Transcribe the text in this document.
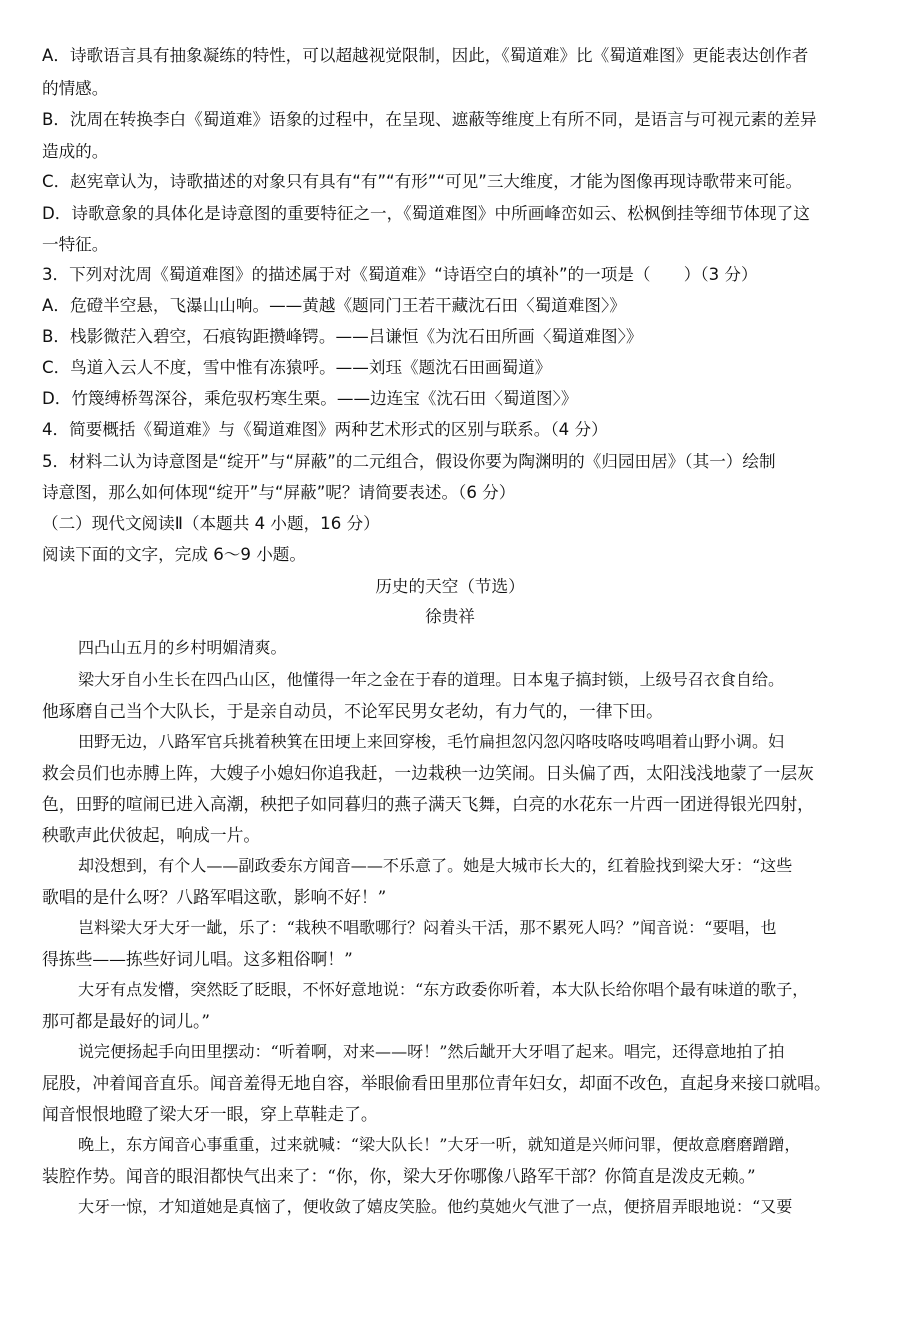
A．诗歌语言具有抽象凝练的特性，可以超越视觉限制，因此，《蜀道难》比《蜀道难图》更能表达创作者
的情感。
B．沈周在转换李白《蜀道难》语象的过程中，在呈现、遮蔽等维度上有所不同，是语言与可视元素的差异
造成的。
C．赵宪章认为，诗歌描述的对象只有具有“有”“有形”“可见”三大维度，才能为图像再现诗歌带来可能。
D．诗歌意象的具体化是诗意图的重要特征之一，《蜀道难图》中所画峰峦如云、松枫倒挂等细节体现了这
一特征。
3．下列对沈周《蜀道难图》的描述属于对《蜀道难》“诗语空白的填补”的一项是（　　）（3 分）
A．危磴半空悬，飞瀑山山响。——黄越《题同门王若干藏沈石田〈蜀道难图〉》
B．栈影微茫入碧空，石痕钩距攒峰锷。——吕谦恒《为沈石田所画〈蜀道难图〉》
C．鸟道入云人不度，雪中惟有冻猿呼。——刘珏《题沈石田画蜀道》
D．竹篾缚桥驾深谷，乘危驭朽寒生栗。——边连宝《沈石田〈蜀道图〉》
4．简要概括《蜀道难》与《蜀道难图》两种艺术形式的区别与联系。（4 分）
5．材料二认为诗意图是“绽开”与“屏蔽”的二元组合，假设你要为陶渊明的《归园田居》（其一）绘制
诗意图，那么如何体现“绽开”与“屏蔽”呢？请简要表述。（6 分）
（二）现代文阅读Ⅱ（本题共 4 小题，16 分）
阅读下面的文字，完成 6～9 小题。
历史的天空（节选）
徐贵祥
四凸山五月的乡村明媚清爽。
梁大牙自小生长在四凸山区，他懂得一年之金在于春的道理。日本鬼子搞封锁，上级号召衣食自给。
他琢磨自己当个大队长，于是亲自动员，不论军民男女老幼，有力气的，一律下田。
田野无边，八路军官兵挑着秧箕在田埂上来回穿梭，毛竹扁担忽闪忽闪咯吱咯吱鸣唱着山野小调。妇
救会员们也赤膊上阵，大嫂子小媳妇你追我赶，一边栽秧一边笑闹。日头偏了西，太阳浅浅地蒙了一层灰
色，田野的喧闹已进入高潮，秧把子如同暮归的燕子满天飞舞，白亮的水花东一片西一团迸得银光四射，
秧歌声此伏彼起，响成一片。
却没想到，有个人——副政委东方闻音——不乐意了。她是大城市长大的，红着脸找到梁大牙：“这些
歌唱的是什么呀？八路军唱这歌，影响不好！”
岂料梁大牙大牙一龇，乐了：“栽秧不唱歌哪行？闷着头干活，那不累死人吗？”闻音说：“要唱，也
得拣些——拣些好词儿唱。这多粗俗啊！”
大牙有点发懵，突然眨了眨眼，不怀好意地说：“东方政委你听着，本大队长给你唱个最有味道的歌子，
那可都是最好的词儿。”
说完便扬起手向田里摆动：“听着啊，对来——呀！”然后龇开大牙唱了起来。唱完，还得意地拍了拍
屁股，冲着闻音直乐。闻音羞得无地自容，举眼偷看田里那位青年妇女，却面不改色，直起身来接口就唱。
闻音恨恨地瞪了梁大牙一眼，穿上草鞋走了。
晚上，东方闻音心事重重，过来就喊：“梁大队长！”大牙一听，就知道是兴师问罪，便故意磨磨蹭蹭，
装腔作势。闻音的眼泪都快气出来了：“你，你，梁大牙你哪像八路军干部？你简直是泼皮无赖。”
大牙一惊，才知道她是真恼了，便收敛了嬉皮笑脸。他约莫她火气泄了一点，便挤眉弄眼地说：“又要
